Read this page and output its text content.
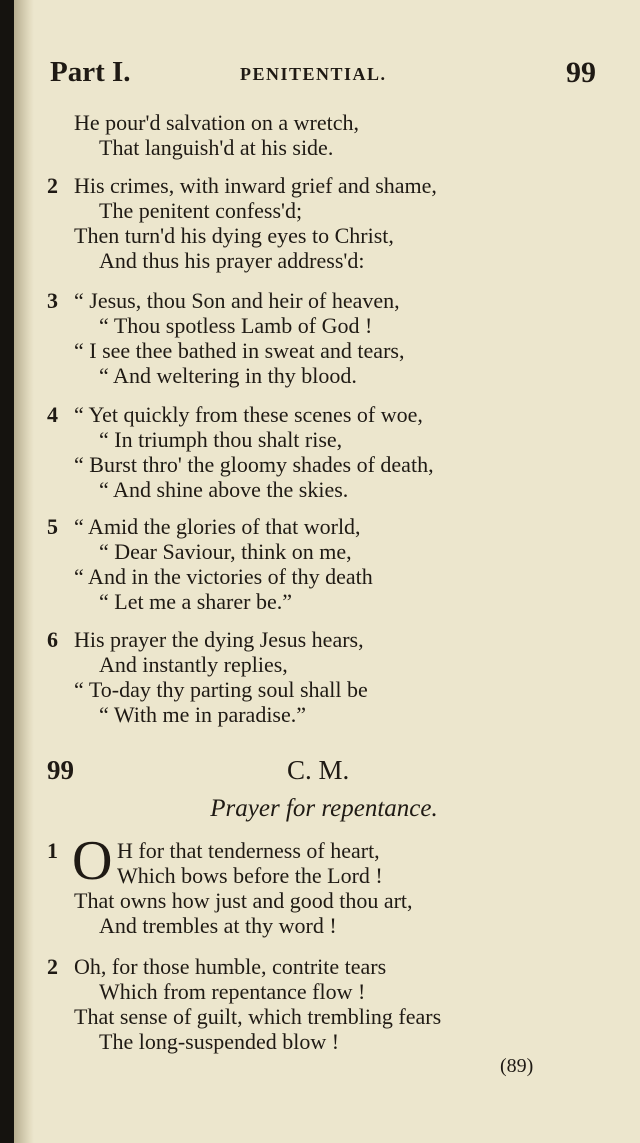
Part I.	PENITENTIAL.	99
He pour'd salvation on a wretch,
That languish'd at his side.
2 His crimes, with inward grief and shame,
The penitent confess'd;
Then turn'd his dying eyes to Christ,
And thus his prayer address'd:
3 “ Jesus, thou Son and heir of heaven,
“ Thou spotless Lamb of God !
“ I see thee bathed in sweat and tears,
“ And weltering in thy blood.
4 “ Yet quickly from these scenes of woe,
“ In triumph thou shalt rise,
“ Burst thro' the gloomy shades of death,
“ And shine above the skies.
5 “ Amid the glories of that world,
“ Dear Saviour, think on me,
“ And in the victories of thy death
“ Let me a sharer be.”
6 His prayer the dying Jesus hears,
And instantly replies,
“ To-day thy parting soul shall be
“ With me in paradise.”
99	C. M.
Prayer for repentance.
1 O H for that tenderness of heart,
Which bows before the Lord !
That owns how just and good thou art,
And trembles at thy word !
2 Oh, for those humble, contrite tears
Which from repentance flow !
That sense of guilt, which trembling fears
The long-suspended blow !
(89)
